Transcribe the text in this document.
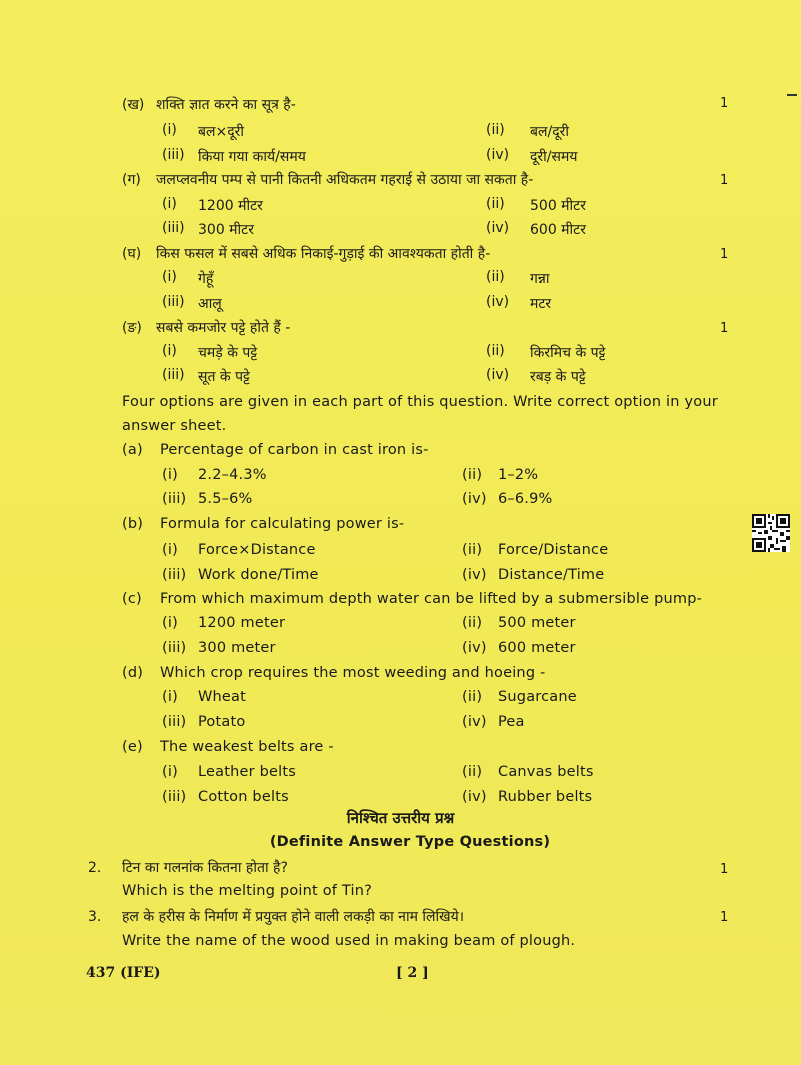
(ख) शक्ति ज्ञात करने का सूत्र है-	1
(i) बल×दूरी	(ii) बल/दूरी
(iii) किया गया कार्य/समय	(iv) दूरी/समय
(ग) जलप्लवनीय पम्प से पानी कितनी अधिकतम गहराई से उठाया जा सकता है-	1
(i) 1200 मीटर	(ii) 500 मीटर
(iii) 300 मीटर	(iv) 600 मीटर
(घ) किस फसल में सबसे अधिक निकाई-गुड़ाई की आवश्यकता होती है-	1
(i) गेहूँ	(ii) गन्ना
(iii) आलू	(iv) मटर
(ङ) सबसे कमजोर पट्टे होते हैं -	1
(i) चमड़े के पट्टे	(ii) किरमिच के पट्टे
(iii) सूत के पट्टे	(iv) रबड़ के पट्टे
Four options are given in each part of this question. Write correct option in your
answer sheet.
(a) Percentage of carbon in cast iron is-
(i) 2.2–4.3%	(ii) 1–2%
(iii) 5.5–6%	(iv) 6–6.9%
(b) Formula for calculating power is-
(i) Force×Distance	(ii) Force/Distance
(iii) Work done/Time	(iv) Distance/Time
(c) From which maximum depth water can be lifted by a submersible pump-
(i) 1200 meter	(ii) 500 meter
(iii) 300 meter	(iv) 600 meter
(d) Which crop requires the most weeding and hoeing -
(i) Wheat	(ii) Sugarcane
(iii) Potato	(iv) Pea
(e) The weakest belts are -
(i) Leather belts	(ii) Canvas belts
(iii) Cotton belts	(iv) Rubber belts
निश्चित उत्तरीय प्रश्न
(Definite Answer Type Questions)
2. टिन का गलनांक कितना होता है?	1
Which is the melting point of Tin?
3. हल के हरीस के निर्माण में प्रयुक्त होने वाली लकड़ी का नाम लिखिये।	1
Write the name of the wood used in making beam of plough.
437 (IFE)	[ 2 ]
